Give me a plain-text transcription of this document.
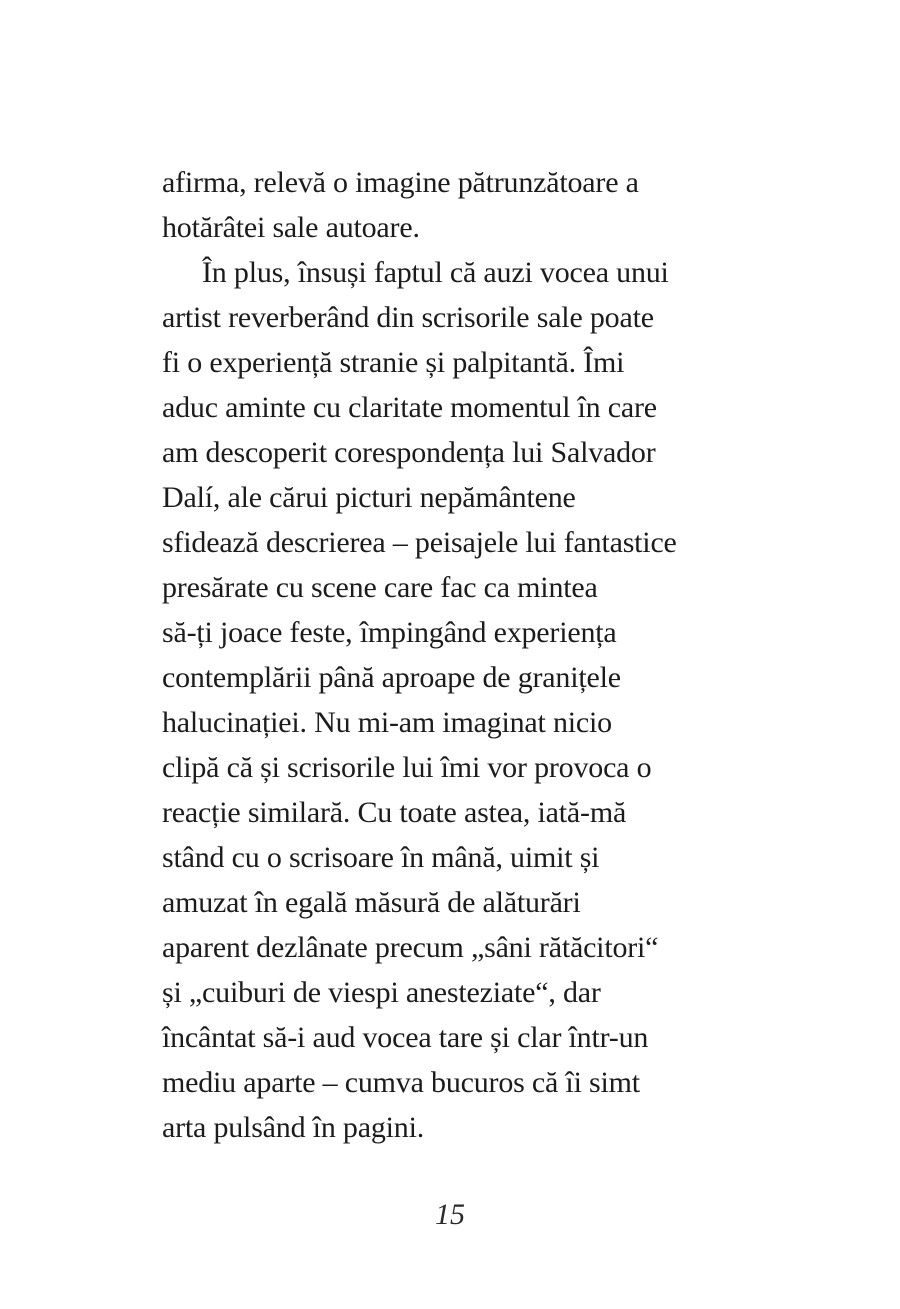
afirma, relevă o imagine pătrunzătoare a
hotărâtei sale autoare.
În plus, însuși faptul că auzi vocea unui
artist reverberând din scrisorile sale poate
fi o experiență stranie și palpitantă. Îmi
aduc aminte cu claritate momentul în care
am descoperit corespondența lui Salvador
Dalí, ale cărui picturi nepământene
sfidează descrierea – peisajele lui fantastice
presărate cu scene care fac ca mintea
să-ți joace feste, împingând experiența
contemplării până aproape de granițele
halucinației. Nu mi-am imaginat nicio
clipă că și scrisorile lui îmi vor provoca o
reacție similară. Cu toate astea, iată-mă
stând cu o scrisoare în mână, uimit și
amuzat în egală măsură de alăturări
aparent dezlânate precum „sâni rătăcitori“
și „cuiburi de viespi anesteziate“, dar
încântat să-i aud vocea tare și clar într-un
mediu aparte – cumva bucuros că îi simt
arta pulsând în pagini.
15
